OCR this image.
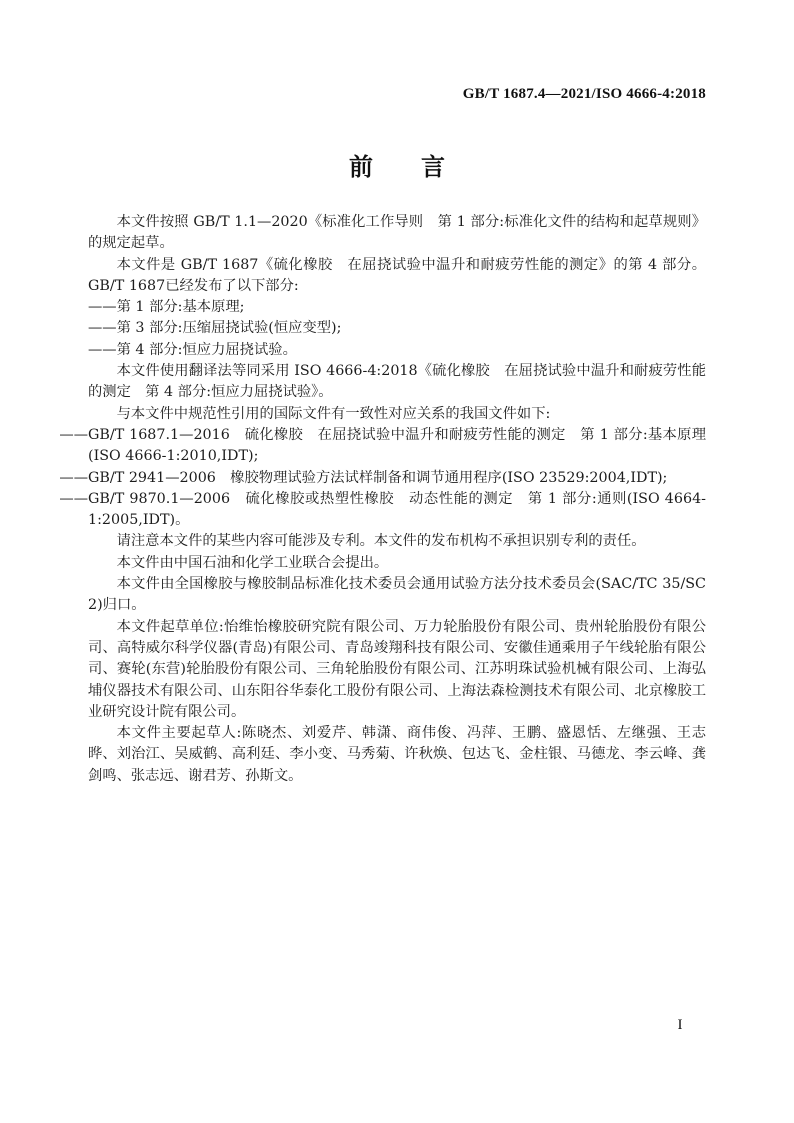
GB/T 1687.4—2021/ISO 4666-4:2018
前 言

本文件按照 GB/T 1.1—2020《标准化工作导则　第 1 部分:标准化文件的结构和起草规则》的规定起草。

本文件是 GB/T 1687《硫化橡胶　在屈挠试验中温升和耐疲劳性能的测定》的第 4 部分。GB/T 1687已经发布了以下部分:

——第 1 部分:基本原理;

——第 3 部分:压缩屈挠试验(恒应变型);

——第 4 部分:恒应力屈挠试验。

本文件使用翻译法等同采用 ISO 4666-4:2018《硫化橡胶　在屈挠试验中温升和耐疲劳性能的测定　第 4 部分:恒应力屈挠试验》。

与本文件中规范性引用的国际文件有一致性对应关系的我国文件如下:

——GB/T 1687.1—2016　硫化橡胶　在屈挠试验中温升和耐疲劳性能的测定　第 1 部分:基本原理(ISO 4666-1:2010,IDT);

——GB/T 2941—2006　橡胶物理试验方法试样制备和调节通用程序(ISO 23529:2004,IDT);

——GB/T 9870.1—2006　硫化橡胶或热塑性橡胶　动态性能的测定　第 1 部分:通则(ISO 4664-1:2005,IDT)。

请注意本文件的某些内容可能涉及专利。本文件的发布机构不承担识别专利的责任。

本文件由中国石油和化学工业联合会提出。

本文件由全国橡胶与橡胶制品标准化技术委员会通用试验方法分技术委员会(SAC/TC 35/SC 2)归口。

本文件起草单位:怡维怡橡胶研究院有限公司、万力轮胎股份有限公司、贵州轮胎股份有限公司、高特威尔科学仪器(青岛)有限公司、青岛竣翔科技有限公司、安徽佳通乘用子午线轮胎有限公司、赛轮(东营)轮胎股份有限公司、三角轮胎股份有限公司、江苏明珠试验机械有限公司、上海弘埔仪器技术有限公司、山东阳谷华泰化工股份有限公司、上海法森检测技术有限公司、北京橡胶工业研究设计院有限公司。

本文件主要起草人:陈晓杰、刘爱芹、韩潇、商伟俊、冯萍、王鹏、盛恩恬、左继强、王志晔、刘治江、吴威鹤、高利廷、李小变、马秀菊、许秋焕、包达飞、金柱银、马德龙、李云峰、龚剑鸣、张志远、谢君芳、孙斯文。

I
